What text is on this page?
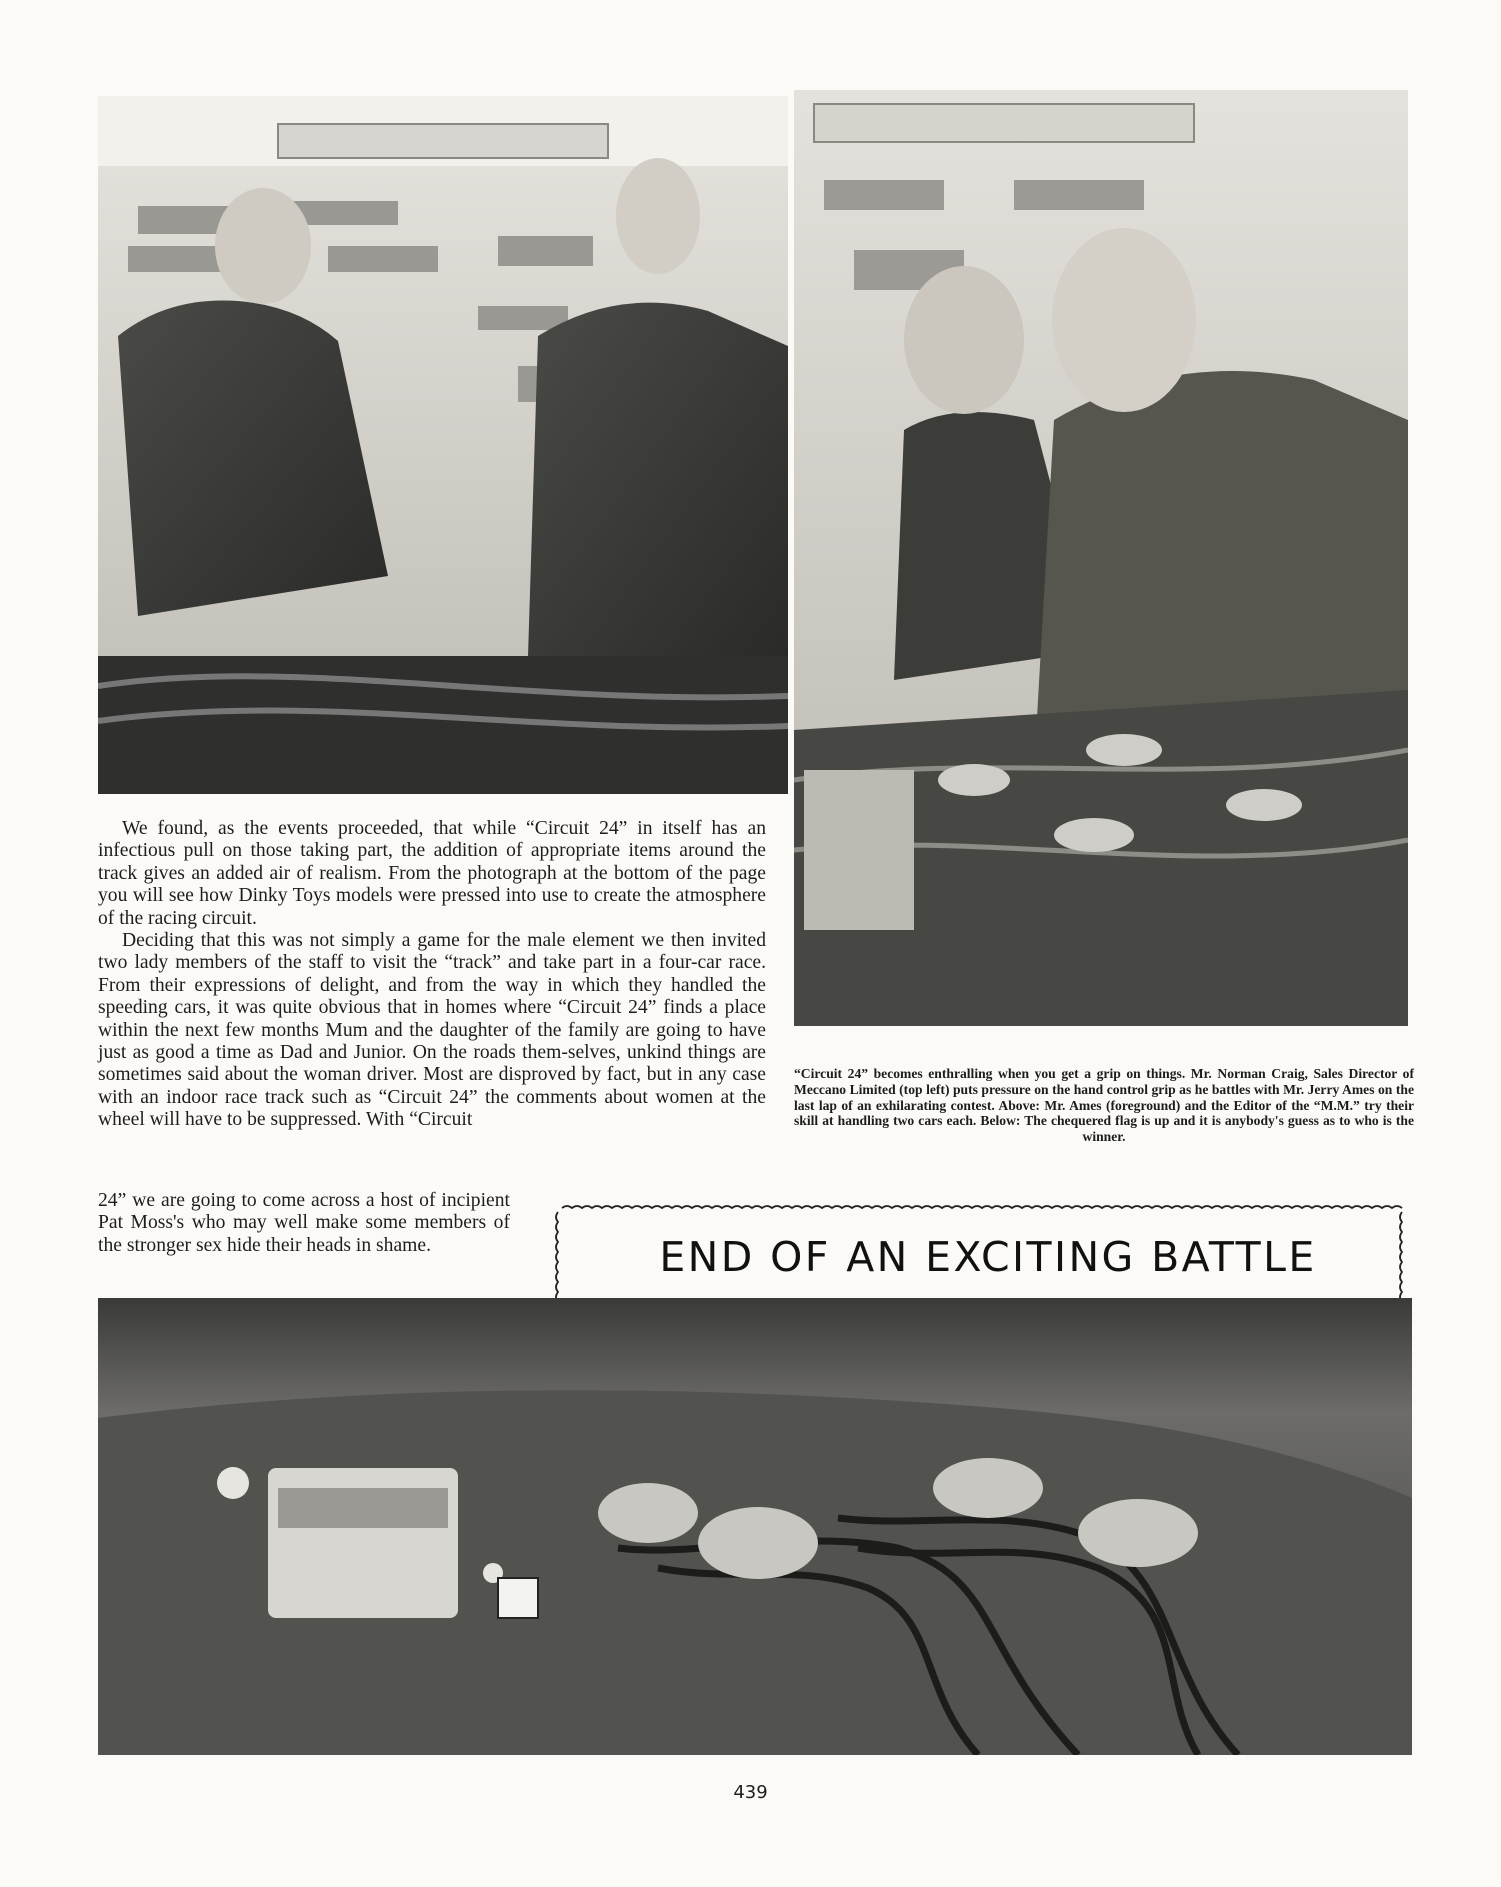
We found, as the events proceeded, that while “Circuit 24” in itself has an infectious pull on those taking part, the addition of appropriate items around the track gives an added air of realism. From the photograph at the bottom of the page you will see how Dinky Toys models were pressed into use to create the atmosphere of the racing circuit.

Deciding that this was not simply a game for the male element we then invited two lady members of the staff to visit the “track” and take part in a four-car race. From their expressions of delight, and from the way in which they handled the speeding cars, it was quite obvious that in homes where “Circuit 24” finds a place within the next few months Mum and the daughter of the family are going to have just as good a time as Dad and Junior. On the roads them-selves, unkind things are sometimes said about the woman driver. Most are disproved by fact, but in any case with an indoor race track such as “Circuit 24” the comments about women at the wheel will have to be suppressed. With “Circuit

24” we are going to come across a host of incipient Pat Moss's who may well make some members of the stronger sex hide their heads in shame.

“Circuit 24” becomes enthralling when you get a grip on things. Mr. Norman Craig, Sales Director of Meccano Limited (top left) puts pressure on the hand control grip as he battles with Mr. Jerry Ames on the last lap of an exhilarating contest. Above: Mr. Ames (foreground) and the Editor of the “M.M.” try their skill at handling two cars each. Below: The chequered flag is up and it is anybody's guess as to who is the winner.
END OF AN EXCITING BATTLE
439
